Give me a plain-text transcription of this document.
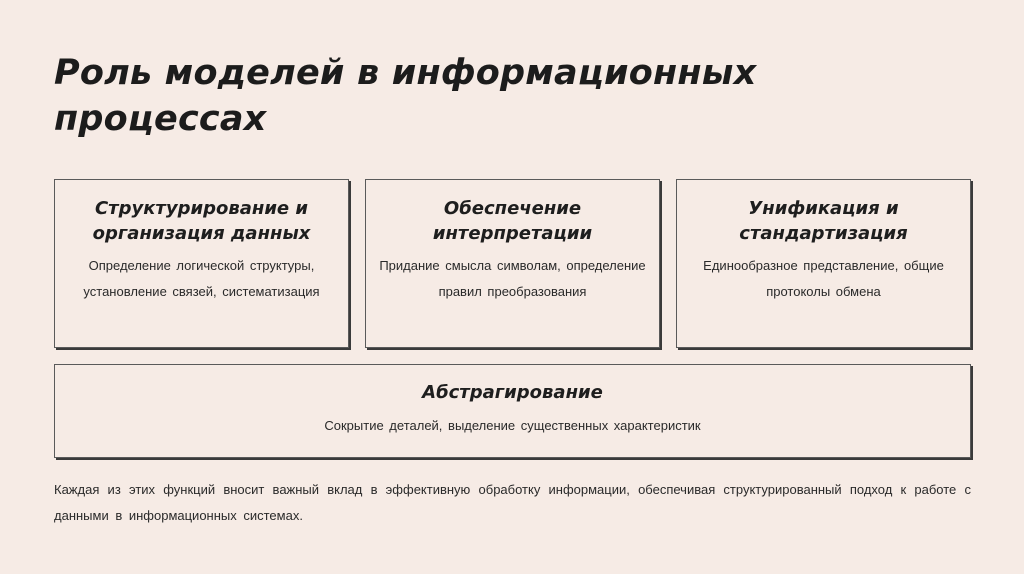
Роль моделей в информационных процессах
Структурирование и организация данных

Определение логической структуры, установление связей, систематизация

Обеспечение интерпретации

Придание смысла символам, определение правил преобразования

Унификация и стандартизация

Единообразное представление, общие протоколы обмена

Абстрагирование

Сокрытие деталей, выделение существенных характеристик

Каждая из этих функций вносит важный вклад в эффективную обработку информации, обеспечивая структурированный подход к работе с данными в информационных системах.
